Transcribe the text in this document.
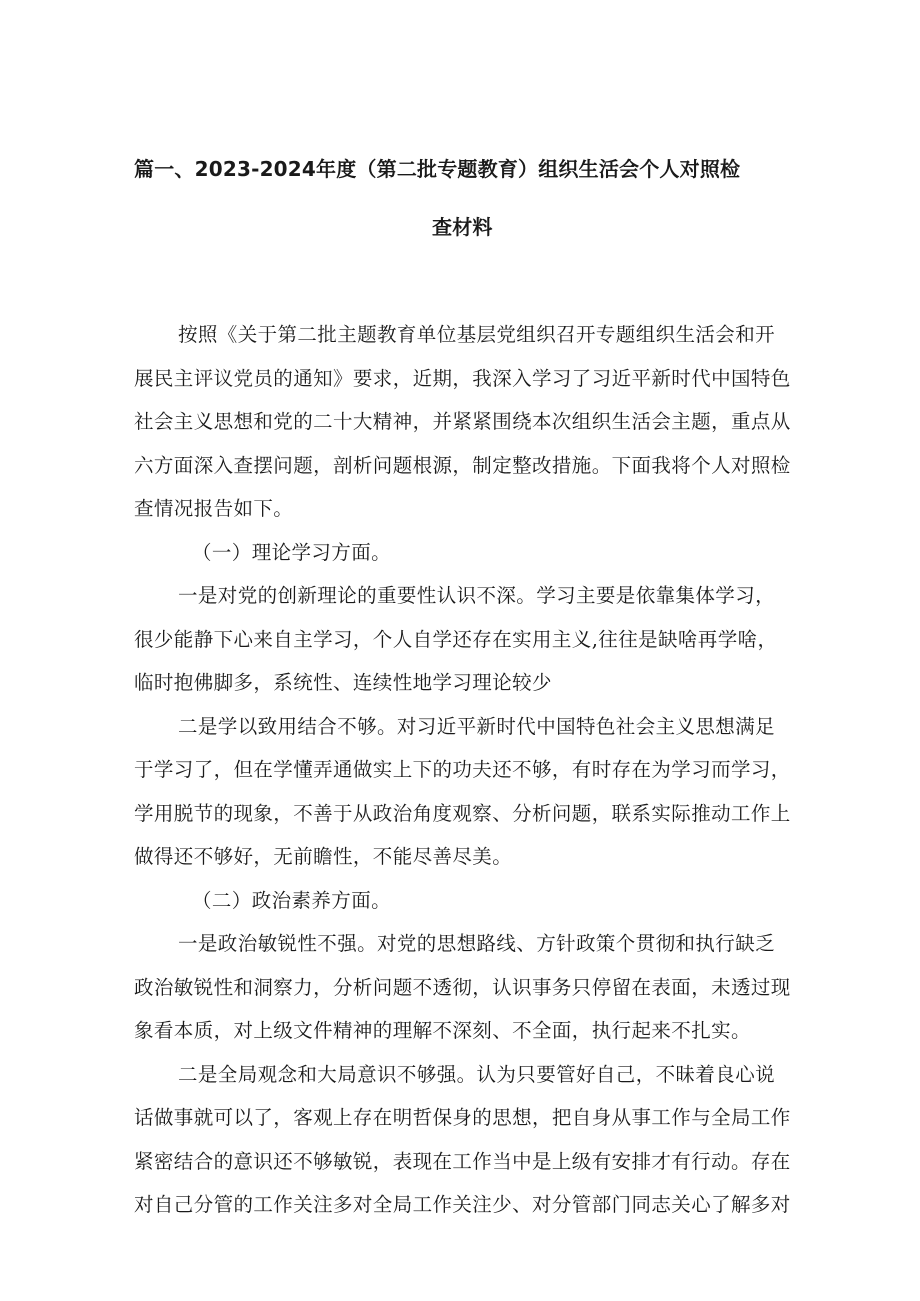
篇一、2023-2024年度（第二批专题教育）组织生活会个人对照检
查材料
按照《关于第二批主题教育单位基层党组织召开专题组织生活会和开
展民主评议党员的通知》要求，近期，我深入学习了习近平新时代中国特色
社会主义思想和党的二十大精神，并紧紧围绕本次组织生活会主题，重点从
六方面深入查摆问题，剖析问题根源，制定整改措施。下面我将个人对照检
查情况报告如下。
（一）理论学习方面。
一是对党的创新理论的重要性认识不深。学习主要是依靠集体学习，
很少能静下心来自主学习，个人自学还存在实用主义,往往是缺啥再学啥，
临时抱佛脚多，系统性、连续性地学习理论较少
二是学以致用结合不够。对习近平新时代中国特色社会主义思想满足
于学习了，但在学懂弄通做实上下的功夫还不够，有时存在为学习而学习，
学用脱节的现象，不善于从政治角度观察、分析问题，联系实际推动工作上
做得还不够好，无前瞻性，不能尽善尽美。
（二）政治素养方面。
一是政治敏锐性不强。对党的思想路线、方针政策个贯彻和执行缺乏
政治敏锐性和洞察力，分析问题不透彻，认识事务只停留在表面，未透过现
象看本质，对上级文件精神的理解不深刻、不全面，执行起来不扎实。
二是全局观念和大局意识不够强。认为只要管好自己，不昧着良心说
话做事就可以了，客观上存在明哲保身的思想，把自身从事工作与全局工作
紧密结合的意识还不够敏锐，表现在工作当中是上级有安排才有行动。存在
对自己分管的工作关注多对全局工作关注少、对分管部门同志关心了解多对
